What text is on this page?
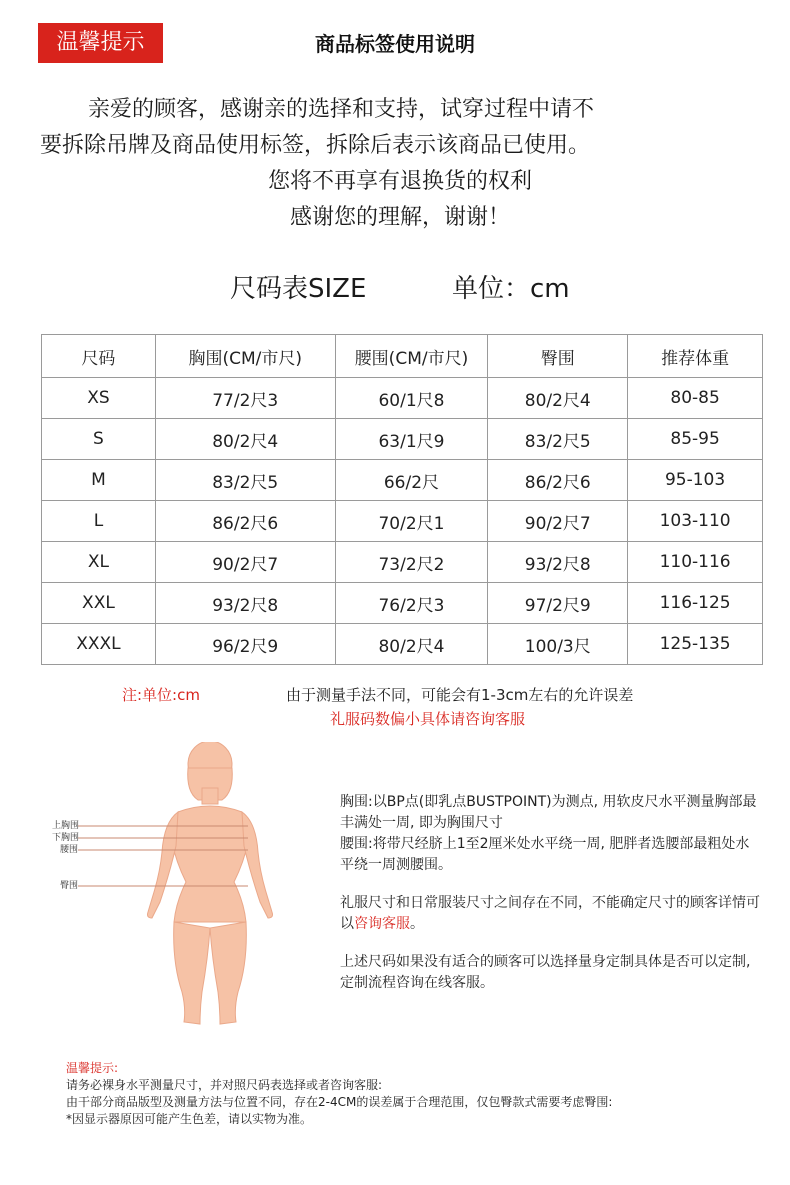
温馨提示	商品标签使用说明
亲爱的顾客，感谢亲的选择和支持，试穿过程中请不
要拆除吊牌及商品使用标签，拆除后表示该商品已使用。
您将不再享有退换货的权利
感谢您的理解，谢谢！
尺码表SIZE	单位：cm
尺码	胸围(CM/市尺)	腰围(CM/市尺)	臀围	推荐体重
XS	77/2尺3	60/1尺8	80/2尺4	80-85
S	80/2尺4	63/1尺9	83/2尺5	85-95
M	83/2尺5	66/2尺	86/2尺6	95-103
L	86/2尺6	70/2尺1	90/2尺7	103-110
XL	90/2尺7	73/2尺2	93/2尺8	110-116
XXL	93/2尺8	76/2尺3	97/2尺9	116-125
XXXL	96/2尺9	80/2尺4	100/3尺	125-135
注:单位:cm	由于测量手法不同，可能会有1-3cm左右的允许误差
礼服码数偏小具体请咨询客服
上胸围
下胸围
腰围
臀围

胸围:以BP点(即乳点BUSTPOINT)为测点, 用软皮尺水平测量胸部最丰满处一周, 即为胸围尺寸
腰围:将带尺经脐上1至2厘米处水平绕一周, 肥胖者选腰部最粗处水平绕一周测腰围。

礼服尺寸和日常服装尺寸之间存在不同，不能确定尺寸的顾客详情可以咨询客服。

上述尺码如果没有适合的顾客可以选择量身定制具体是否可以定制, 定制流程咨询在线客服。

温馨提示:
请务必裸身水平测量尺寸，并对照尺码表选择或者咨询客服:
由干部分商品版型及测量方法与位置不同，存在2-4CM的误差属于合理范围，仅包臀款式需要考虑臀围:
*因显示器原因可能产生色差，请以实物为准。
